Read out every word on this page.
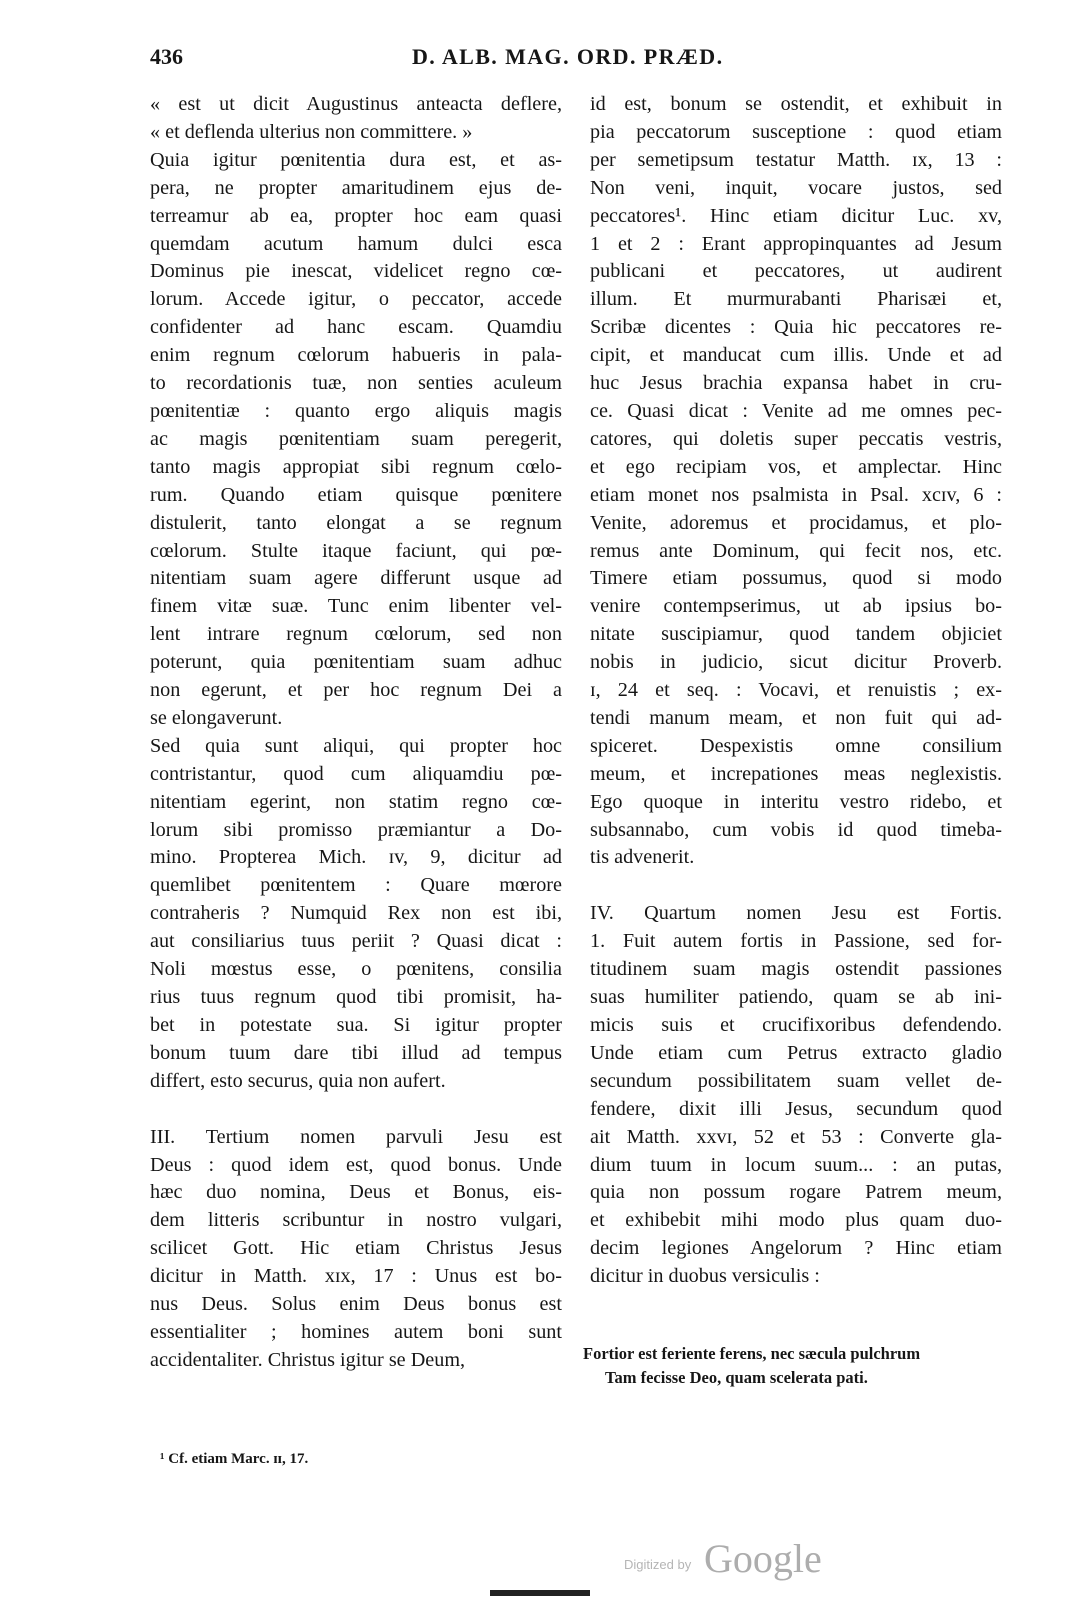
436	D. ALB. MAG. ORD. PRÆD.
« est ut dicit Augustinus anteacta deflere,
« et deflenda ulterius non committere. »
Quia igitur pœnitentia dura est, et as-
pera, ne propter amaritudinem ejus de-
terreamur ab ea, propter hoc eam quasi
quemdam acutum hamum dulci esca
Dominus pie inescat, videlicet regno cœ-
lorum. Accede igitur, o peccator, accede
confidenter ad hanc escam. Quamdiu
enim regnum cœlorum habueris in pala-
to recordationis tuæ, non senties aculeum
pœnitentiæ : quanto ergo aliquis magis
ac magis pœnitentiam suam peregerit,
tanto magis appropiat sibi regnum cœlo-
rum. Quando etiam quisque pœnitere
distulerit, tanto elongat a se regnum
cœlorum. Stulte itaque faciunt, qui pœ-
nitentiam suam agere differunt usque ad
finem vitæ suæ. Tunc enim libenter vel-
lent intrare regnum cœlorum, sed non
poterunt, quia pœnitentiam suam adhuc
non egerunt, et per hoc regnum Dei a
se elongaverunt.
Sed quia sunt aliqui, qui propter hoc
contristantur, quod cum aliquamdiu pœ-
nitentiam egerint, non statim regno cœ-
lorum sibi promisso præmiantur a Do-
mino. Propterea Mich. ɪv, 9, dicitur ad
quemlibet pœnitentem : Quare mœrore
contraheris ? Numquid Rex non est ibi,
aut consiliarius tuus periit ? Quasi dicat :
Noli mœstus esse, o pœnitens, consilia
rius tuus regnum quod tibi promisit, ha-
bet in potestate sua. Si igitur propter
bonum tuum dare tibi illud ad tempus
differt, esto securus, quia non aufert.
III. Tertium nomen parvuli Jesu est
Deus : quod idem est, quod bonus. Unde
hæc duo nomina, Deus et Bonus, eis-
dem litteris scribuntur in nostro vulgari,
scilicet Gott. Hic etiam Christus Jesus
dicitur in Matth. xɪx, 17 : Unus est bo-
nus Deus. Solus enim Deus bonus est
essentialiter ; homines autem boni sunt
accidentaliter. Christus igitur se Deum,
id est, bonum se ostendit, et exhibuit in
pia peccatorum susceptione : quod etiam
per semetipsum testatur Matth. ɪx, 13 :
Non veni, inquit, vocare justos, sed
peccatores¹. Hinc etiam dicitur Luc. xv,
1 et 2 : Erant appropinquantes ad Jesum
publicani et peccatores, ut audirent
illum. Et murmurabanti Pharisæi et,
Scribæ dicentes : Quia hic peccatores re-
cipit, et manducat cum illis. Unde et ad
huc Jesus brachia expansa habet in cru-
ce. Quasi dicat : Venite ad me omnes pec-
catores, qui doletis super peccatis vestris,
et ego recipiam vos, et amplectar. Hinc
etiam monet nos psalmista in Psal. xcɪv, 6 :
Venite, adoremus et procidamus, et plo-
remus ante Dominum, qui fecit nos, etc.
Timere etiam possumus, quod si modo
venire contempserimus, ut ab ipsius bo-
nitate suscipiamur, quod tandem objiciet
nobis in judicio, sicut dicitur Proverb.
ɪ, 24 et seq. : Vocavi, et renuistis ; ex-
tendi manum meam, et non fuit qui ad-
spiceret. Despexistis omne consilium
meum, et increpationes meas neglexistis.
Ego quoque in interitu vestro ridebo, et
subsannabo, cum vobis id quod timeba-
tis advenerit.
IV. Quartum nomen Jesu est Fortis.
1. Fuit autem fortis in Passione, sed for-
titudinem suam magis ostendit passiones
suas humiliter patiendo, quam se ab ini-
micis suis et crucifixoribus defendendo.
Unde etiam cum Petrus extracto gladio
secundum possibilitatem suam vellet de-
fendere, dixit illi Jesus, secundum quod
ait Matth. xxvɪ, 52 et 53 : Converte gla-
dium tuum in locum suum... : an putas,
quia non possum rogare Patrem meum,
et exhibebit mihi modo plus quam duo-
decim legiones Angelorum ? Hinc etiam
dicitur in duobus versiculis :
Fortior est feriente ferens, nec sæcula pulchrum
Tam fecisse Deo, quam scelerata pati.
¹ Cf. etiam Marc. ɪɪ, 17.
Digitized by Google
